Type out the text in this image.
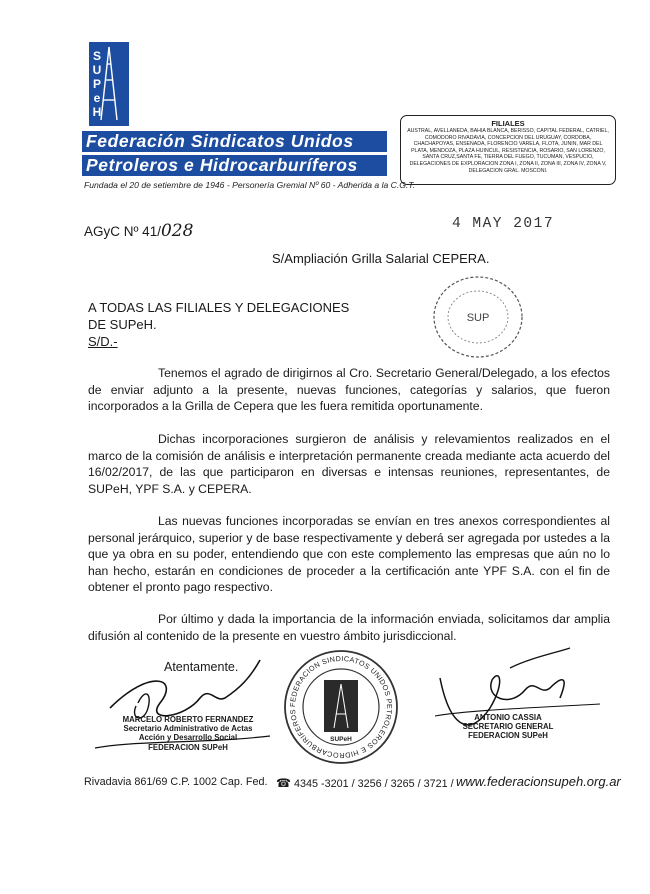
S
U
P
e
H
Federación Sindicatos Unidos
Petroleros e Hidrocarburíferos
Fundada el 20 de setiembre de 1946 - Personería Gremial Nº 60 - Adherida a la C.G.T.
FILIALES
AUSTRAL, AVELLANEDA, BAHIA BLANCA, BERISSO, CAPITAL FEDERAL, CATRIEL, COMODORO RIVADAVIA, CONCEPCION DEL URUGUAY, CORDOBA, CHACHAPOYAS, ENSENADA, FLORENCIO VARELA, FLOTA, JUNIN, MAR DEL PLATA, MENDOZA, PLAZA HUINCUL, RESISTENCIA, ROSARIO, SAN LORENZO, SANTA CRUZ,SANTA FE, TIERRA DEL FUEGO, TUCUMAN, VESPUCIO, DELEGACIONES DE EXPLORACION ZONA I, ZONA II, ZONA III, ZONA IV, ZONA V, DELEGACION GRAL. MOSCONI.
AGyC Nº 41/028	4 MAY 2017
S/Ampliación Grilla Salarial CEPERA.
A TODAS LAS FILIALES Y DELEGACIONES
DE SUPeH.
S/D.-
SUP
Tenemos el agrado de dirigirnos al Cro. Secretario General/Delegado, a los efectos de enviar adjunto a la presente, nuevas funciones, categorías y salarios, que fueron incorporados a la Grilla de Cepera que les fuera remitida oportunamente.
Dichas incorporaciones surgieron de análisis y relevamientos realizados en el marco de la comisión de análisis e interpretación permanente creada mediante acta acuerdo del 16/02/2017, de las que participaron en diversas e intensas reuniones, representantes, de SUPeH, YPF S.A. y CEPERA.
Las nuevas funciones incorporadas se envían en tres anexos correspondientes al personal jerárquico, superior y de base respectivamente y deberá ser agregada por ustedes a la que ya obra en su poder, entendiendo que con este complemento las empresas que aún no lo han hecho, estarán en condiciones de proceder a la certificación ante YPF S.A. con el fin de obtener el pronto pago respectivo.
Por último y dada la importancia de la información enviada, solicitamos dar amplia difusión al contenido de la presente en vuestro ámbito jurisdiccional.
Atentamente.
MARCELO ROBERTO FERNANDEZ
Secretario Administrativo de Actas
Acción y Desarrollo Social
FEDERACION SUPeH
FEDERACION SINDICATOS UNIDOS PETROLEROS E HIDROCARBURIFEROS
SUPeH
ANTONIO CASSIA
SECRETARIO GENERAL
FEDERACION SUPeH
Rivadavia 861/69 C.P. 1002 Cap. Fed. ☎ 4345 -3201 / 3256 / 3265 / 3721 / www.federacionsupeh.org.ar
